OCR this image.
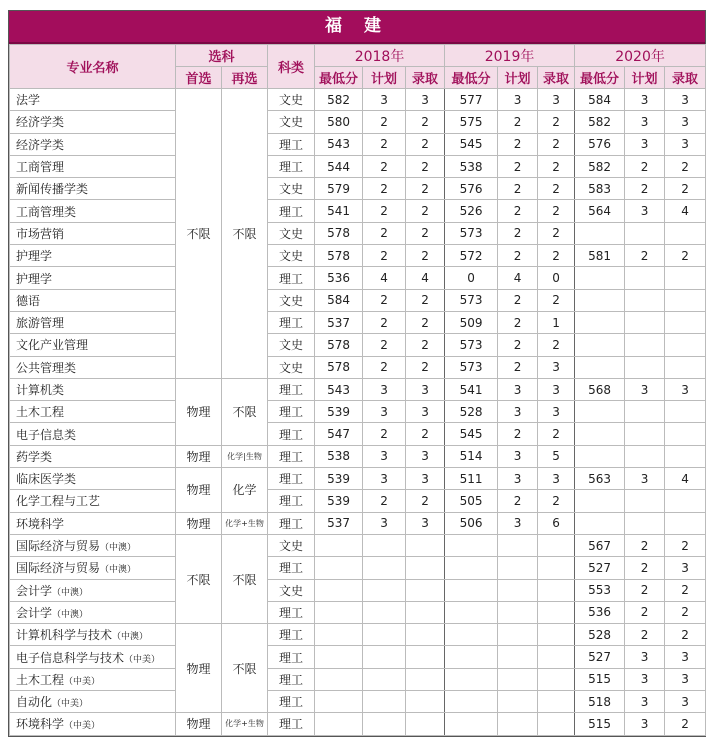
福 建
专业名称	选科		科类	2018年			2019年			2020年		
	首选	再选		最低分	计划	录取	最低分	计划	录取	最低分	计划	录取
法学	不限	不限	文史	582	3	3	577	3	3	584	3	3
经济学类			文史	580	2	2	575	2	2	582	3	3
经济学类			理工	543	2	2	545	2	2	576	3	3
工商管理			理工	544	2	2	538	2	2	582	2	2
新闻传播学类			文史	579	2	2	576	2	2	583	2	2
工商管理类			理工	541	2	2	526	2	2	564	3	4
市场营销			文史	578	2	2	573	2	2			
护理学			文史	578	2	2	572	2	2	581	2	2
护理学			理工	536	4	4	0	4	0			
德语			文史	584	2	2	573	2	2			
旅游管理			理工	537	2	2	509	2	1			
文化产业管理			文史	578	2	2	573	2	2			
公共管理类			文史	578	2	2	573	2	3			
计算机类	物理	不限	理工	543	3	3	541	3	3	568	3	3
土木工程			理工	539	3	3	528	3	3			
电子信息类			理工	547	2	2	545	2	2			
药学类	物理	化学|生物	理工	538	3	3	514	3	5			
临床医学类	物理	化学	理工	539	3	3	511	3	3	563	3	4
化学工程与工艺			理工	539	2	2	505	2	2			
环境科学	物理	化学+生物	理工	537	3	3	506	3	6			
国际经济与贸易（中澳）	不限	不限	文史							567	2	2
国际经济与贸易（中澳）			理工							527	2	3
会计学（中澳）			文史							553	2	2
会计学（中澳）			理工							536	2	2
计算机科学与技术（中澳）	物理	不限	理工							528	2	2
电子信息科学与技术（中美）			理工							527	3	3
土木工程（中美）			理工							515	3	3
自动化（中美）			理工							518	3	3
环境科学（中美）	物理	化学+生物	理工							515	3	2
